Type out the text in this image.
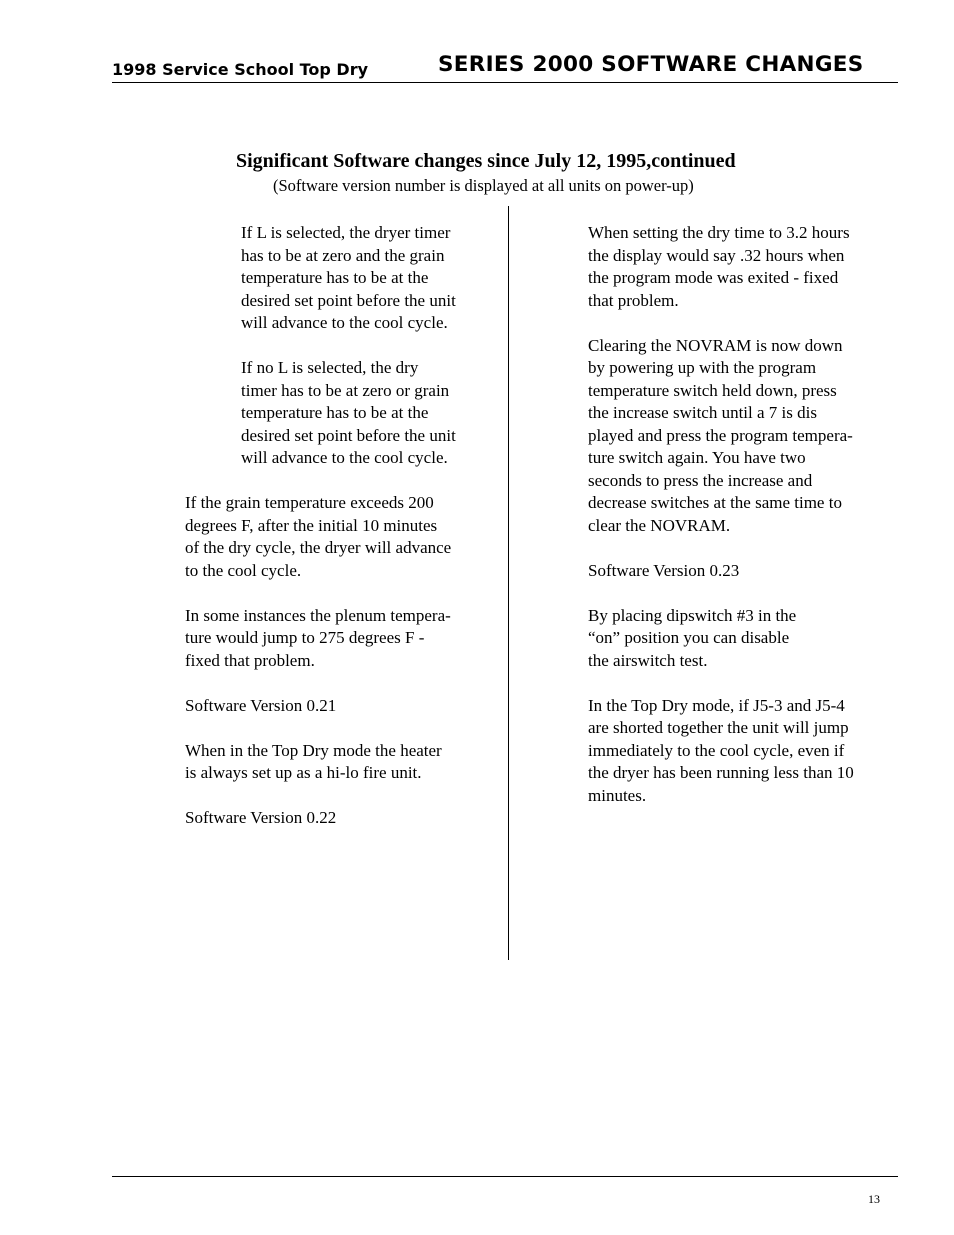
1998 Service School Top Dry	SERIES 2000 SOFTWARE CHANGES
Significant Software changes since July 12, 1995,continued
(Software version number is displayed at all units on power-up)

If L is selected, the dryer timer
has to be at zero and the grain
temperature has to be at the
desired set point before the unit
will advance to the cool cycle.

If no L is selected, the dry
timer has to be at zero or grain
temperature has to be at the
desired set point before the unit
will advance to the cool cycle.

If the grain temperature exceeds 200
degrees F, after the initial 10 minutes
of the dry cycle, the dryer will advance
to the cool cycle.

In some instances the plenum tempera-
ture would jump to 275 degrees F -
fixed that problem.

Software Version 0.21

When in the Top Dry mode the heater
is always set up as a hi-lo fire unit.

Software Version 0.22

When setting the dry time to 3.2 hours
the display would say .32 hours when
the program mode was exited - fixed
that problem.

Clearing the NOVRAM is now down
by powering up with the program
temperature switch held down, press
the increase switch until a 7 is dis
played and press the program tempera-
ture switch again. You have two
seconds to press the increase and
decrease switches at the same time to
clear the NOVRAM.

Software Version 0.23

By placing dipswitch #3 in the
“on” position you can disable
the airswitch test.

In the Top Dry mode, if J5-3 and J5-4
are shorted together the unit will jump
immediately to the cool cycle, even if
the dryer has been running less than 10
minutes.

13
